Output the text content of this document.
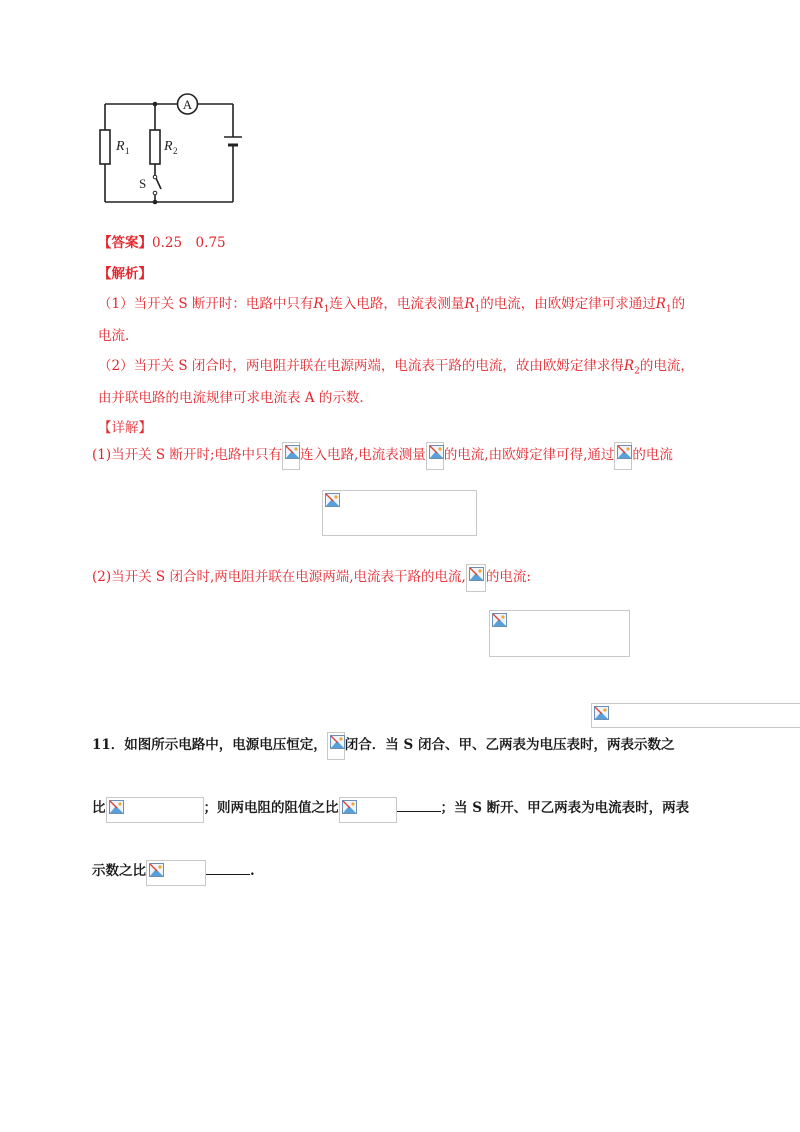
A
R 1 R 2
S
【答案】0.25　0.75
【解析】
（1）当开关 S 断开时：电路中只有$R_1$连入电路，电流表测量$R_1$的电流，由欧姆定律可求通过$R_1$的
电流.
（2）当开关 S 闭合时，两电阻并联在电源两端，电流表干路的电流，故由欧姆定律求得$R_2$的电流，
由并联电路的电流规律可求电流表 A 的示数.
【详解】
(1)当开关 S 断开时;电路中只有 连入电路,电流表测量 的电流,由欧姆定律可得,通过 的电流

(2)当开关 S 闭合时,两电阻并联在电源两端,电流表干路的电流, 的电流:

11．如图所示电路中，电源电压恒定， 闭合．当 S 闭合、甲、乙两表为电压表时，两表示数之
比	；则两电阻的阻值之比	；当 S 断开、甲乙两表为电流表时，两表
示数之比	.
